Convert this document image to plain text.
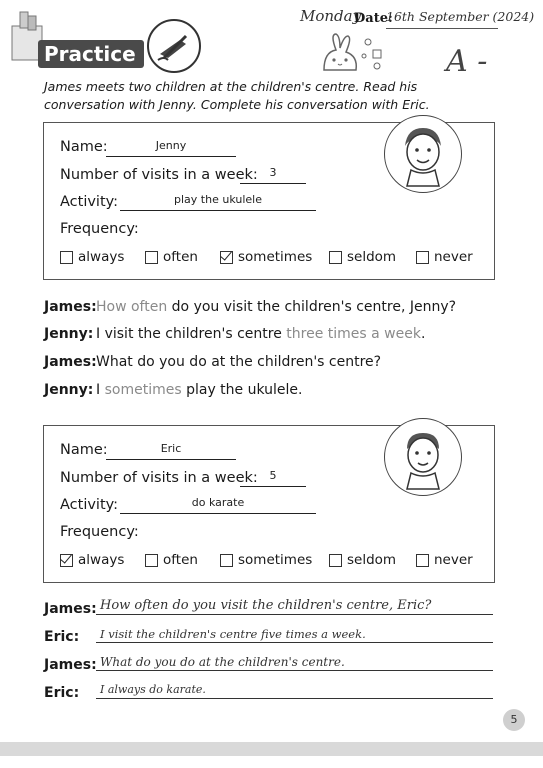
Practice
Monday
Date:
16th September (2024)
A -
James meets two children at the children's centre. Read his conversation with Jenny. Complete his conversation with Eric.
Name:	Jenny
Number of visits in a week:	3
Activity:	play the ukulele
Frequency:
always	often	sometimes	seldom	never
James:How often do you visit the children's centre, Jenny?
Jenny: I visit the children's centre three times a week.
James:What do you do at the children's centre?
Jenny: I sometimes play the ukulele.
Name:	Eric
Number of visits in a week:	5
Activity:	do karate
Frequency:
always	often	sometimes	seldom	never
James: How often do you visit the children's centre, Eric?
Eric:	I visit the children's centre five times a week.
James: What do you do at the children's centre.
Eric:	I always do karate.
5
